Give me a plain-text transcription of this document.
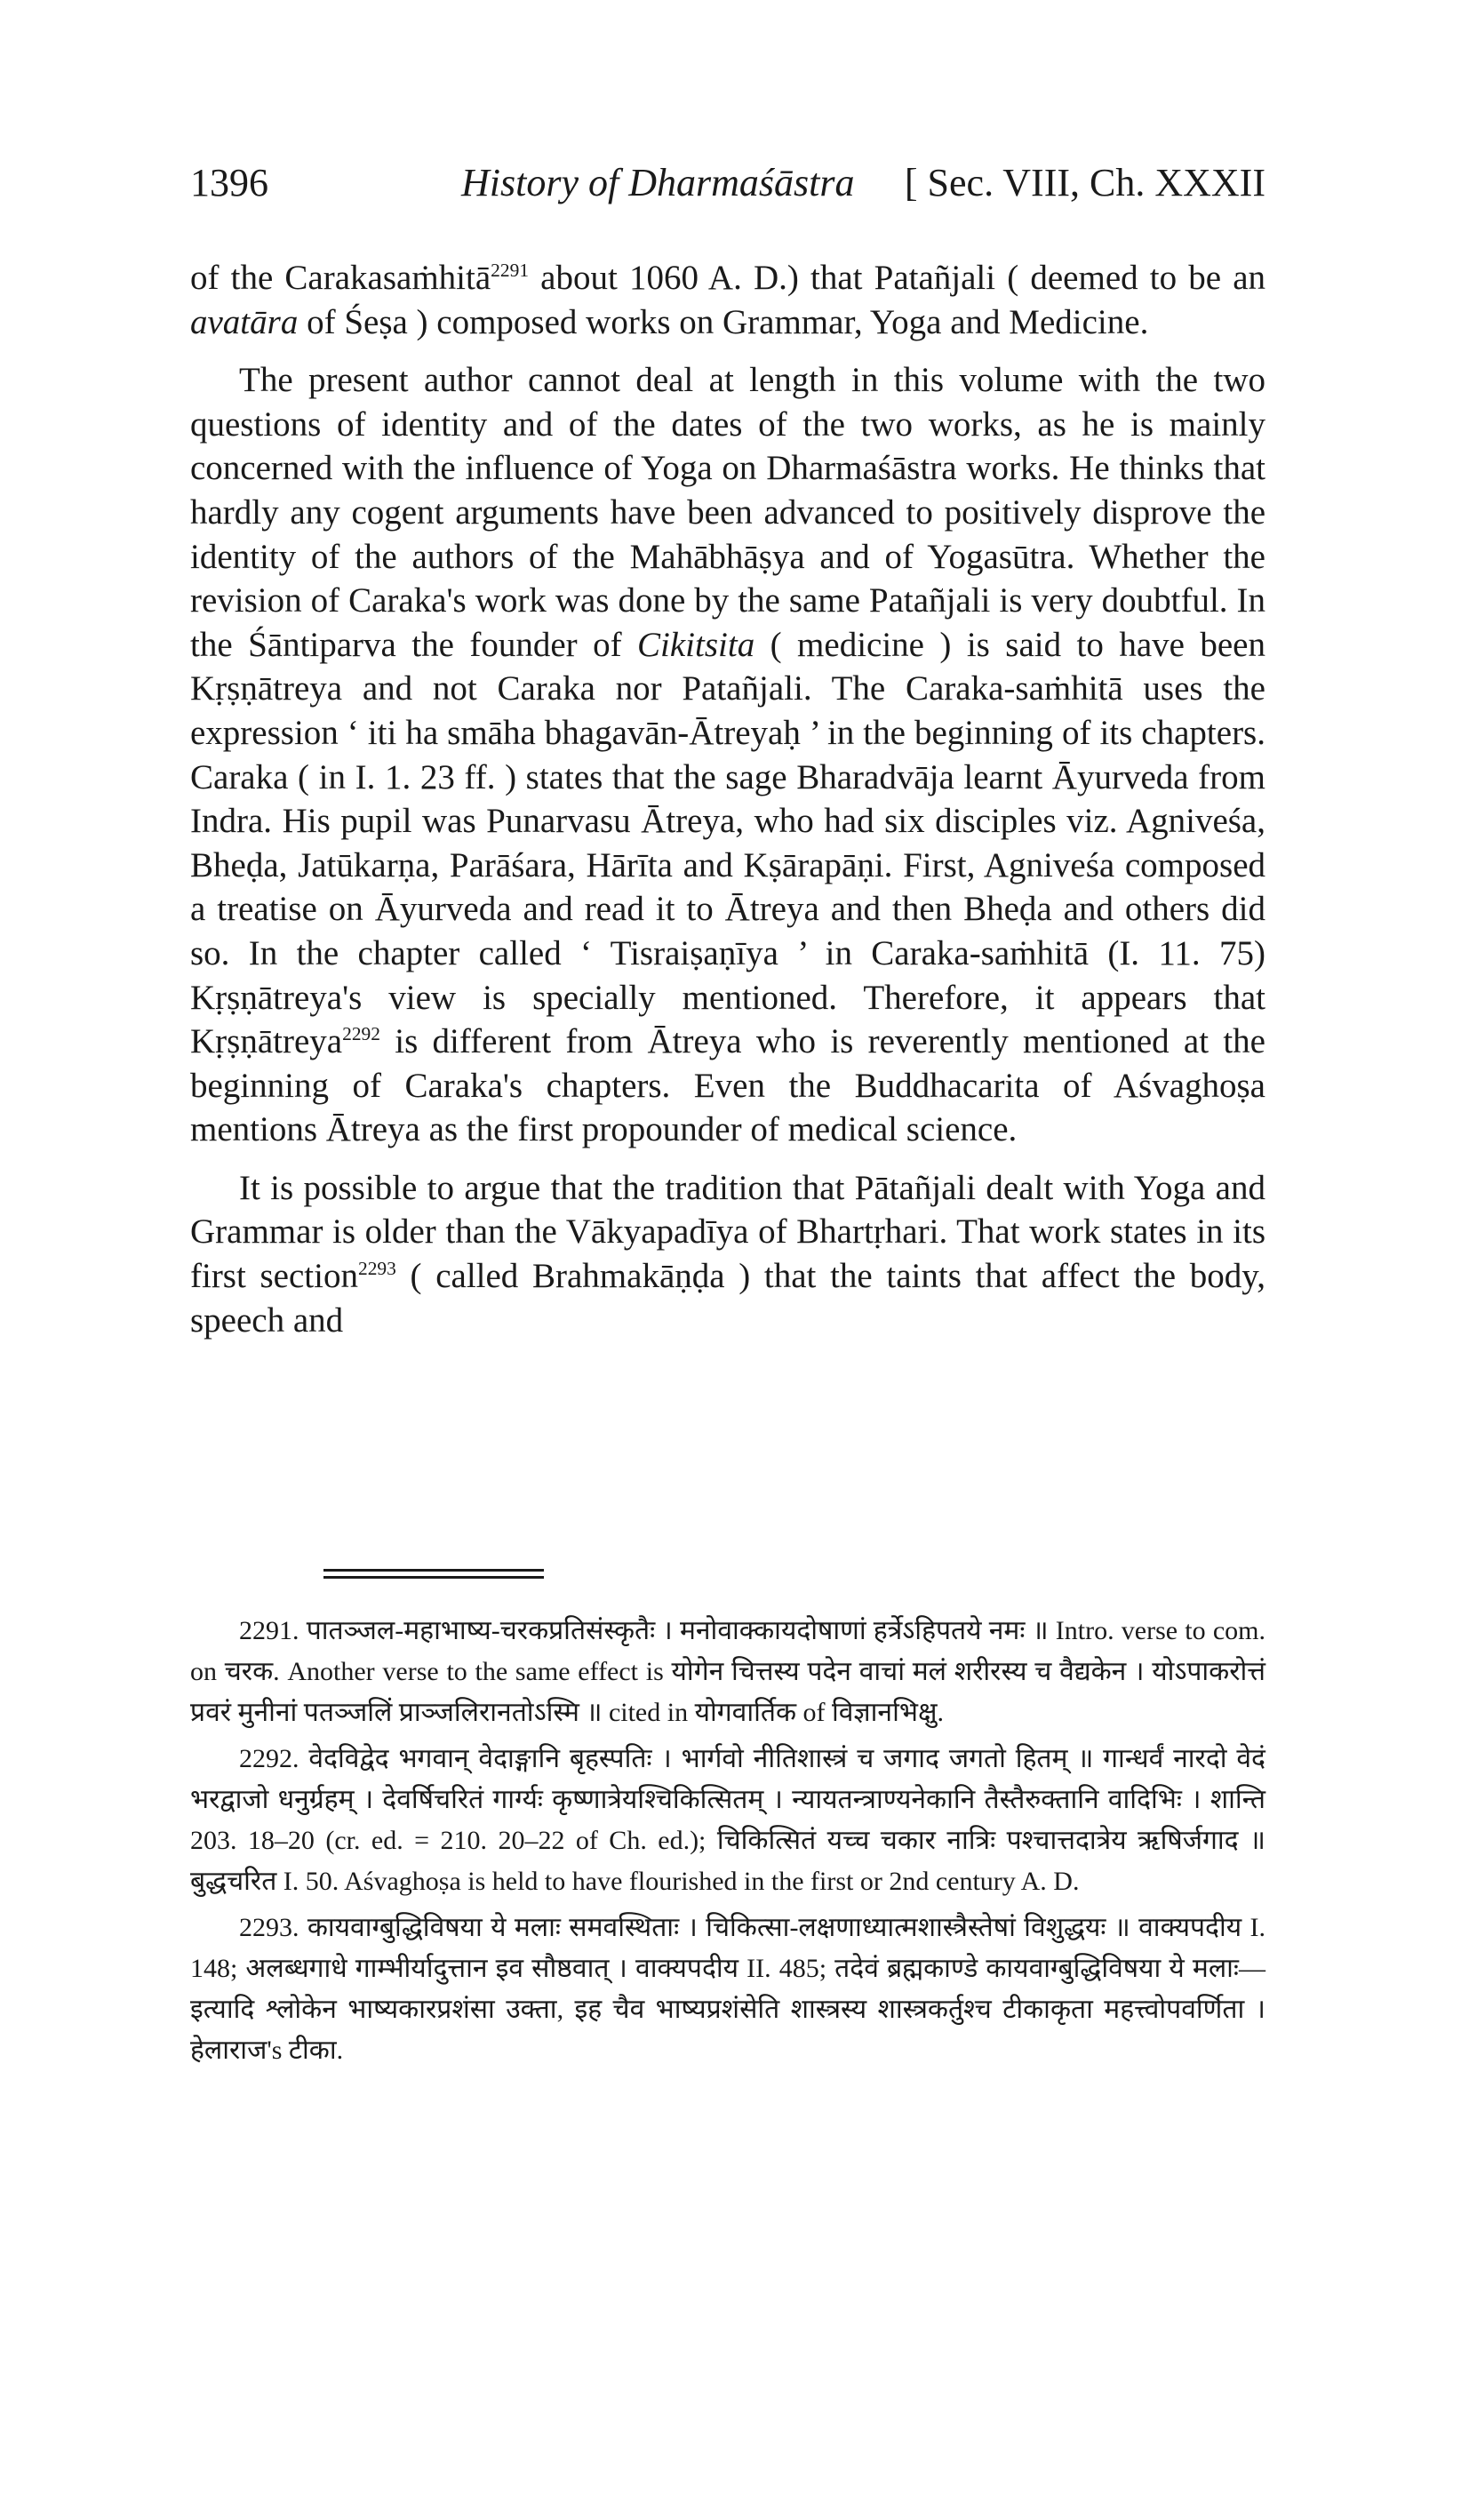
1396	History of Dharmaśāstra [ Sec. VIII, Ch. XXXII

of the Carakasaṁhitā$^{2291}$ about 1060 A. D.) that Patañjali ( deemed to be an avatāra of Śeṣa ) composed works on Grammar, Yoga and Medicine.

The present author cannot deal at length in this volume with the two questions of identity and of the dates of the two works, as he is mainly concerned with the influence of Yoga on Dharmaśāstra works. He thinks that hardly any cogent arguments have been advanced to positively disprove the identity of the authors of the Mahābhāṣya and of Yogasūtra. Whether the revision of Caraka's work was done by the same Patañjali is very doubtful. In the Śāntiparva the founder of Cikitsita ( medicine ) is said to have been Kṛṣṇātreya and not Caraka nor Patañjali. The Caraka-saṁhitā uses the expression ‘ iti ha smāha bhagavān-Ātreyaḥ ’ in the beginning of its chapters. Caraka ( in I. 1. 23 ff. ) states that the sage Bharadvāja learnt Āyurveda from Indra. His pupil was Punarvasu Ātreya, who had six disciples viz. Agniveśa, Bheḍa, Jatūkarṇa, Parāśara, Hārīta and Kṣārapāṇi. First, Agniveśa composed a treatise on Āyurveda and read it to Ātreya and then Bheḍa and others did so. In the chapter called ‘ Tisraiṣaṇīya ’ in Caraka-saṁhitā (I. 11. 75) Kṛṣṇātreya's view is specially mentioned. Therefore, it appears that Kṛṣṇātreya$^{2292}$ is different from Ātreya who is reverently mentioned at the beginning of Caraka's chapters. Even the Buddhacarita of Aśvaghoṣa mentions Ātreya as the first propounder of medical science.

It is possible to argue that the tradition that Pātañjali dealt with Yoga and Grammar is older than the Vākyapadīya of Bhartṛhari. That work states in its first section$^{2293}$ ( called Brahmakāṇḍa ) that the taints that affect the body, speech and

2291. पातञ्जल-महाभाष्य-चरकप्रतिसंस्कृतैः । मनोवाक्कायदोषाणां हर्त्रेऽहिपतये नमः ॥ Intro. verse to com. on चरक. Another verse to the same effect is योगेन चित्तस्य पदेन वाचां मलं शरीरस्य च वैद्यकेन । योऽपाकरोत्तं प्रवरं मुनीनां पतञ्जलिं प्राञ्जलिरानतोऽस्मि ॥ cited in योगवार्तिक of विज्ञानभिक्षु.

2292. वेदविद्वेद भगवान् वेदाङ्गानि बृहस्पतिः । भार्गवो नीतिशास्त्रं च जगाद जगतो हितम् ॥ गान्धर्वं नारदो वेदं भरद्वाजो धनुर्ग्रहम् । देवर्षिचरितं गार्ग्यः कृष्णात्रेयश्चिकित्सितम् । न्यायतन्त्राण्यनेकानि तैस्तैरुक्तानि वादिभिः । शान्ति 203. 18–20 (cr. ed. = 210. 20–22 of Ch. ed.); चिकित्सितं यच्च चकार नात्रिः पश्चात्तदात्रेय ऋषिर्जगाद ॥ बुद्धचरित I. 50. Aśvaghoṣa is held to have flourished in the first or 2nd century A. D.

2293. कायवाग्बुद्धिविषया ये मलाः समवस्थिताः । चिकित्सा-लक्षणाध्यात्मशास्त्रैस्तेषां विशुद्धयः ॥ वाक्यपदीय I. 148; अलब्धगाधे गाम्भीर्यादुत्तान इव सौष्ठवात् । वाक्यपदीय II. 485; तदेवं ब्रह्मकाण्डे कायवाग्बुद्धिविषया ये मलाः—इत्यादि श्लोकेन भाष्यकारप्रशंसा उक्ता, इह चैव भाष्यप्रशंसेति शास्त्रस्य शास्त्रकर्तुश्च टीकाकृता महत्त्वोपवर्णिता । हेलाराज's टीका.
